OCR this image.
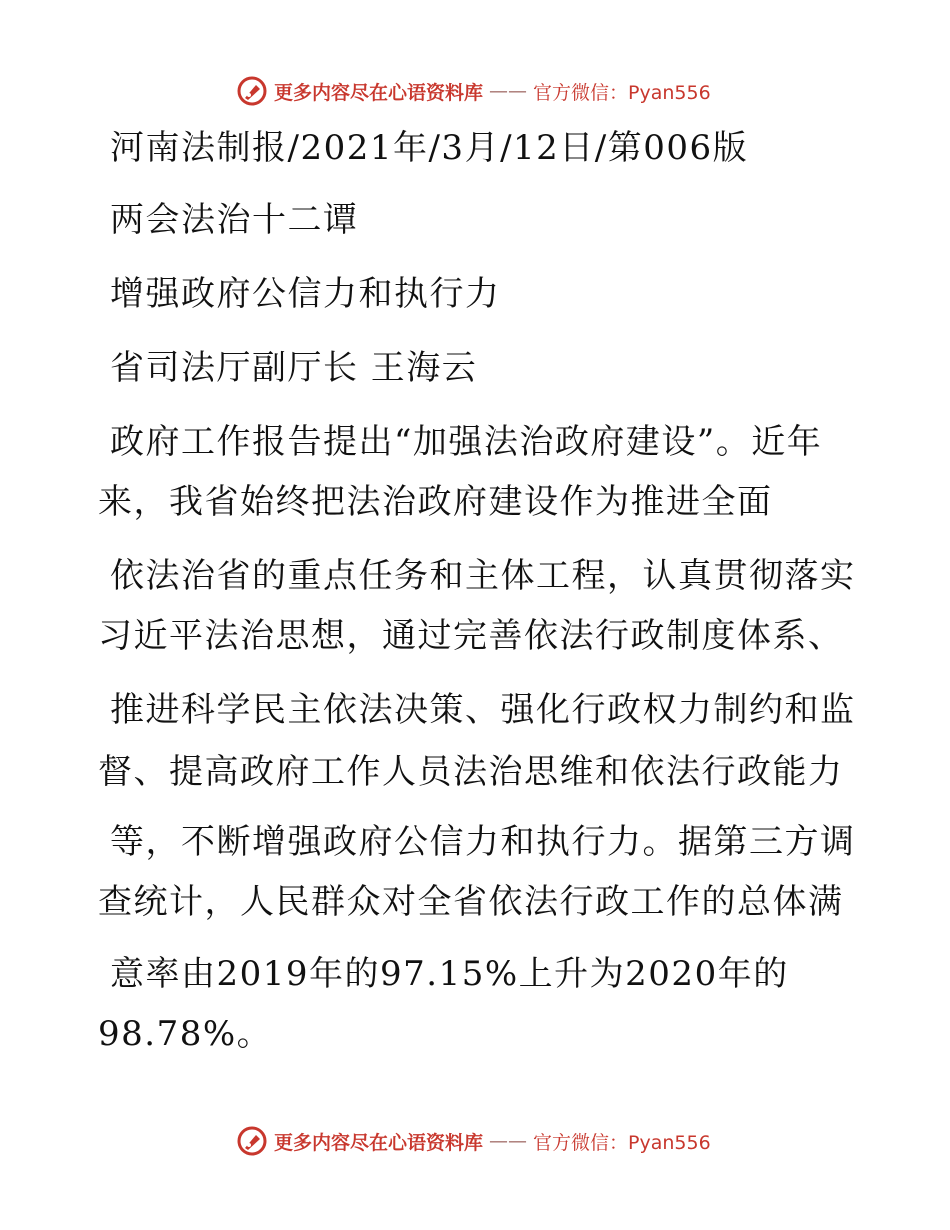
更多内容尽在心语资料库 —— 官方微信：Pyan556
河南法制报/2021年/3月/12日/第006版
两会法治十二谭
增强政府公信力和执行力
省司法厅副厅长 王海云
政府工作报告提出“加强法治政府建设”。近年
来，我省始终把法治政府建设作为推进全面
依法治省的重点任务和主体工程，认真贯彻落实
习近平法治思想，通过完善依法行政制度体系、
推进科学民主依法决策、强化行政权力制约和监
督、提高政府工作人员法治思维和依法行政能力
等，不断增强政府公信力和执行力。据第三方调
查统计，人民群众对全省依法行政工作的总体满
意率由2019年的97.15%上升为2020年的
98.78%。
更多内容尽在心语资料库 —— 官方微信：Pyan556
